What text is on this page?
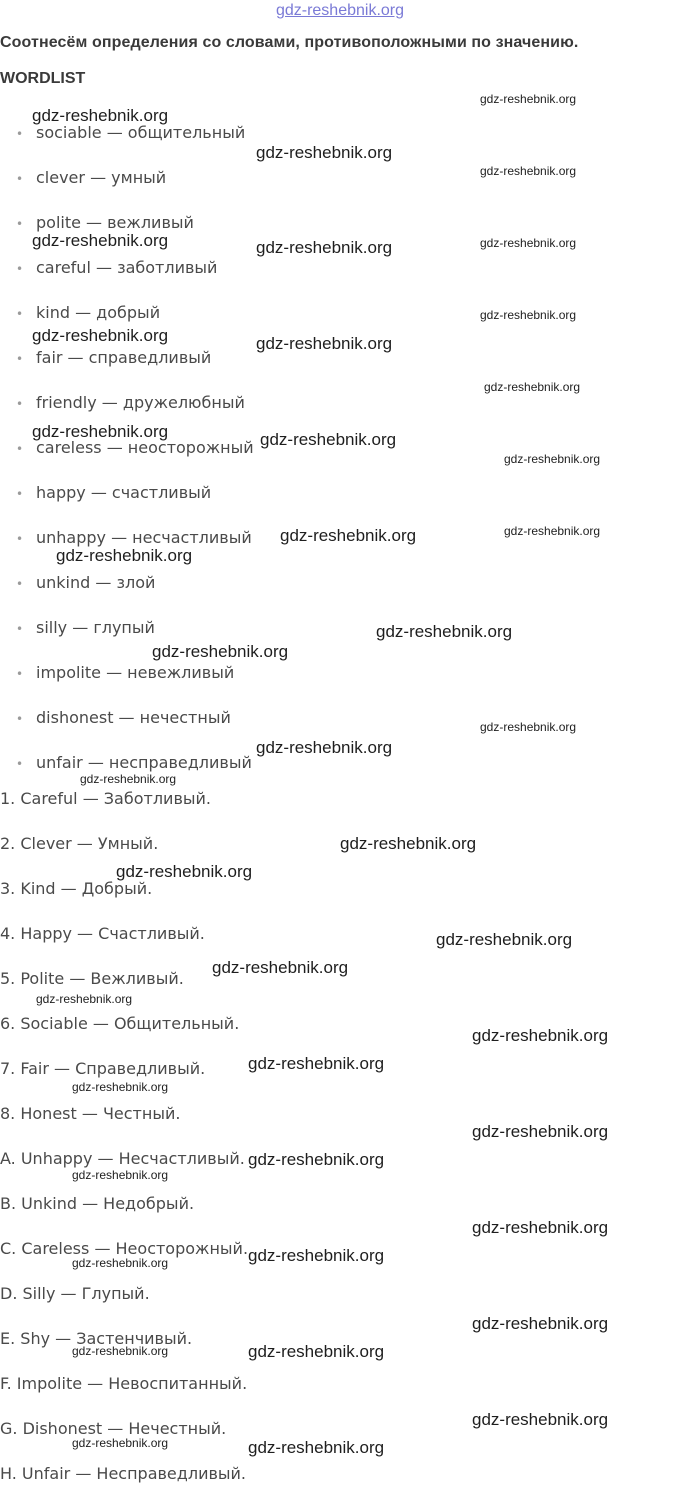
gdz-reshebnik.org
Соотнесём определения со словами, противоположными по значению.
WORDLIST
• sociable — общительный
• clever — умный
• polite — вежливый
• careful — заботливый
• kind — добрый
• fair — справедливый
• friendly — дружелюбный
• careless — неосторожный
• happy — счастливый
• unhappy — несчастливый
• unkind — злой
• silly — глупый
• impolite — невежливый
• dishonest — нечестный
• unfair — несправедливый
1. Careful — Заботливый.
2. Clever — Умный.
3. Kind — Добрый.
4. Happy — Счастливый.
5. Polite — Вежливый.
6. Sociable — Общительный.
7. Fair — Справедливый.
8. Honest — Честный.
A. Unhappy — Несчастливый.
B. Unkind — Недобрый.
C. Careless — Неосторожный.
D. Silly — Глупый.
E. Shy — Застенчивый.
F. Impolite — Невоспитанный.
G. Dishonest — Нечестный.
H. Unfair — Несправедливый.
gdz-reshebnik.org
gdz-reshebnik.org
gdz-reshebnik.org
gdz-reshebnik.org
gdz-reshebnik.org	gdz-reshebnik.org	gdz-reshebnik.org
gdz-reshebnik.org
gdz-reshebnik.org	gdz-reshebnik.org
gdz-reshebnik.org
gdz-reshebnik.org	gdz-reshebnik.org
gdz-reshebnik.org
gdz-reshebnik.org	gdz-reshebnik.org
gdz-reshebnik.org
gdz-reshebnik.org
gdz-reshebnik.org
gdz-reshebnik.org
gdz-reshebnik.org
gdz-reshebnik.org
gdz-reshebnik.org
gdz-reshebnik.org
gdz-reshebnik.org
gdz-reshebnik.org
gdz-reshebnik.org
gdz-reshebnik.org
gdz-reshebnik.org
gdz-reshebnik.org
gdz-reshebnik.org
gdz-reshebnik.org
gdz-reshebnik.org
gdz-reshebnik.org
gdz-reshebnik.org
gdz-reshebnik.org
gdz-reshebnik.org
gdz-reshebnik.org
gdz-reshebnik.org
gdz-reshebnik.org
gdz-reshebnik.org
gdz-reshebnik.org
